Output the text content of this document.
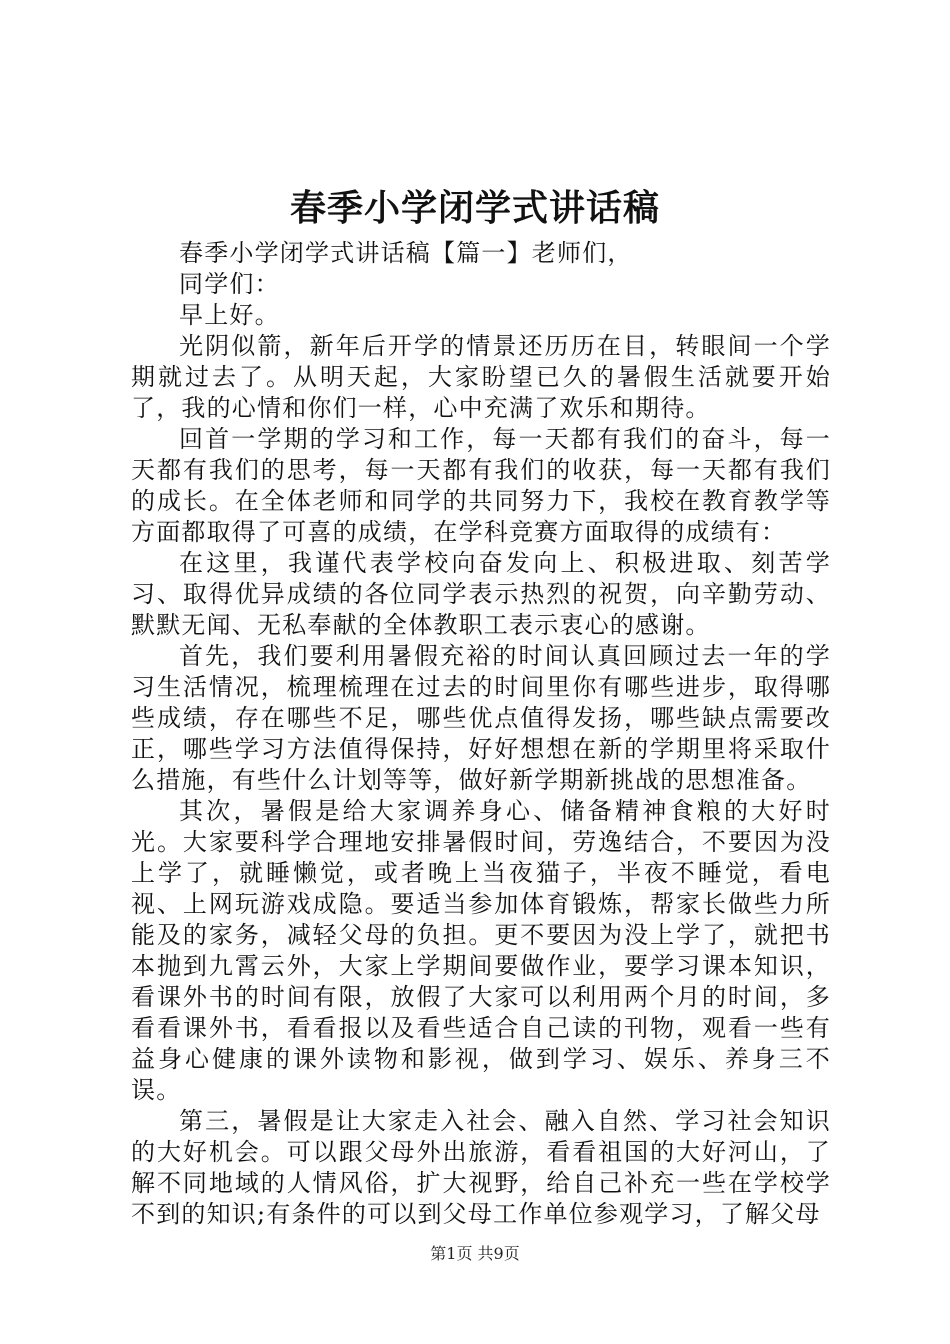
春季小学闭学式讲话稿

春季小学闭学式讲话稿【篇一】老师们，

同学们：

早上好。

光阴似箭，新年后开学的情景还历历在目，转眼间一个学期就过去了。从明天起，大家盼望已久的暑假生活就要开始了，我的心情和你们一样，心中充满了欢乐和期待。

回首一学期的学习和工作，每一天都有我们的奋斗，每一天都有我们的思考，每一天都有我们的收获，每一天都有我们的成长。在全体老师和同学的共同努力下，我校在教育教学等方面都取得了可喜的成绩，在学科竞赛方面取得的成绩有：

在这里，我谨代表学校向奋发向上、积极进取、刻苦学习、取得优异成绩的各位同学表示热烈的祝贺，向辛勤劳动、默默无闻、无私奉献的全体教职工表示衷心的感谢。

首先，我们要利用暑假充裕的时间认真回顾过去一年的学习生活情况，梳理梳理在过去的时间里你有哪些进步，取得哪些成绩，存在哪些不足，哪些优点值得发扬，哪些缺点需要改正，哪些学习方法值得保持，好好想想在新的学期里将采取什么措施，有些什么计划等等，做好新学期新挑战的思想准备。

其次，暑假是给大家调养身心、储备精神食粮的大好时光。大家要科学合理地安排暑假时间，劳逸结合，不要因为没上学了，就睡懒觉，或者晚上当夜猫子，半夜不睡觉，看电视、上网玩游戏成隐。要适当参加体育锻炼，帮家长做些力所能及的家务，减轻父母的负担。更不要因为没上学了，就把书本抛到九霄云外，大家上学期间要做作业，要学习课本知识，看课外书的时间有限，放假了大家可以利用两个月的时间，多看看课外书，看看报以及看些适合自己读的刊物，观看一些有益身心健康的课外读物和影视，做到学习、娱乐、养身三不误。

第三，暑假是让大家走入社会、融入自然、学习社会知识的大好机会。可以跟父母外出旅游，看看祖国的大好河山，了解不同地域的人情风俗，扩大视野，给自己补充一些在学校学不到的知识;有条件的可以到父母工作单位参观学习，了解父母

第1页 共9页
